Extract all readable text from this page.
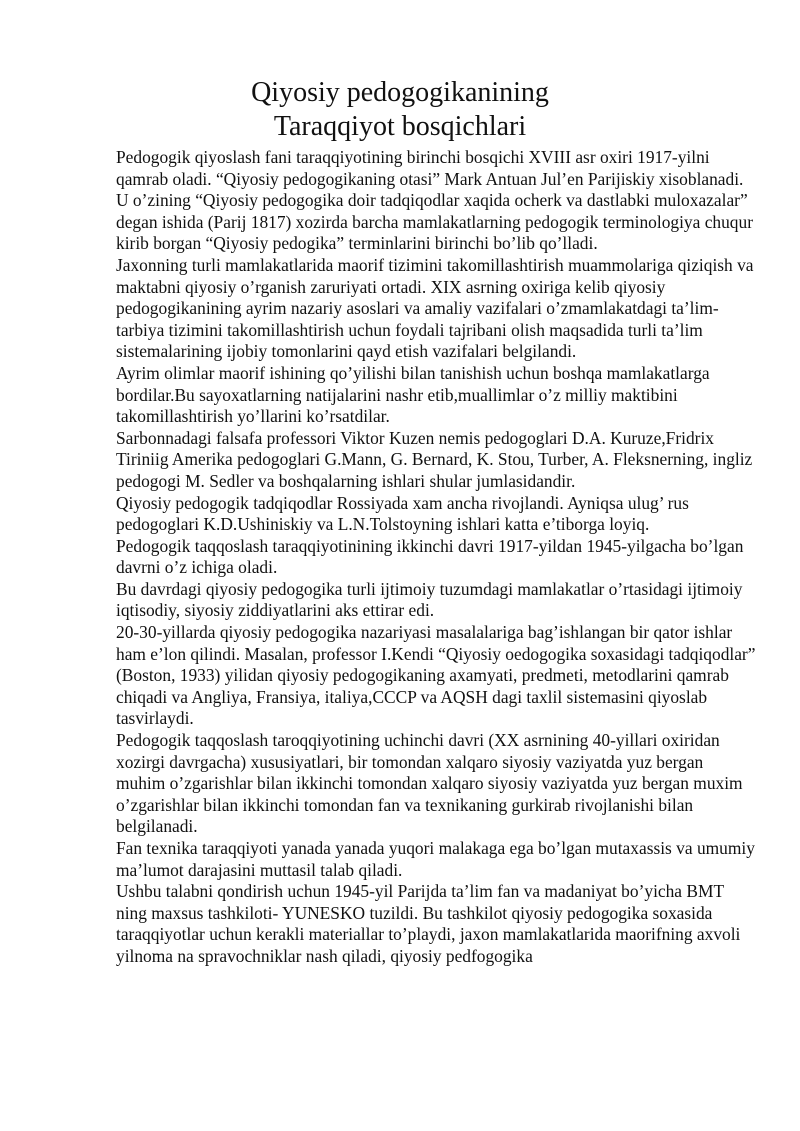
Qiyosiy pedogogikanining
Taraqqiyot bosqichlari

Pedogogik qiyoslash fani taraqqiyotining birinchi bosqichi XVIII asr oxiri 1917-yilni qamrab oladi. “Qiyosiy pedogogikaning otasi” Mark Antuan Jul’en Parijiskiy xisoblanadi.

U o’zining “Qiyosiy pedogogika doir tadqiqodlar xaqida ocherk va dastlabki muloxazalar” degan ishida (Parij 1817) xozirda barcha mamlakatlarning pedogogik terminologiya chuqur kirib borgan “Qiyosiy pedogika” terminlarini birinchi bo’lib qo’lladi.

Jaxonning turli mamlakatlarida maorif tizimini takomillashtirish muammolariga qiziqish va maktabni qiyosiy o’rganish zaruriyati ortadi. XIX asrning oxiriga kelib qiyosiy pedogogikanining ayrim nazariy asoslari va amaliy vazifalari o’zmamlakatdagi ta’lim-tarbiya tizimini takomillashtirish uchun foydali tajribani olish maqsadida turli ta’lim sistemalarining ijobiy tomonlarini qayd etish vazifalari belgilandi.

Ayrim olimlar maorif ishining qo’yilishi bilan tanishish uchun boshqa mamlakatlarga bordilar.Bu sayoxatlarning natijalarini nashr etib,muallimlar o’z milliy maktibini takomillashtirish yo’llarini ko’rsatdilar.

Sarbonnadagi falsafa professori Viktor Kuzen nemis pedogoglari D.A. Kuruze,Fridrix Tiriniig Amerika pedogoglari G.Mann, G. Bernard, K. Stou, Turber, A. Fleksnerning, ingliz pedogogi M. Sedler va boshqalarning ishlari shular jumlasidandir.

Qiyosiy pedogogik tadqiqodlar Rossiyada xam ancha rivojlandi. Ayniqsa ulug’ rus pedogoglari K.D.Ushiniskiy va L.N.Tolstoyning ishlari katta e’tiborga loyiq.

Pedogogik taqqoslash taraqqiyotinining ikkinchi davri 1917-yildan 1945-yilgacha bo’lgan davrni o’z ichiga oladi.

Bu davrdagi qiyosiy pedogogika turli ijtimoiy tuzumdagi mamlakatlar o’rtasidagi ijtimoiy iqtisodiy, siyosiy ziddiyatlarini aks ettirar edi.

20-30-yillarda qiyosiy pedogogika nazariyasi masalalariga bag’ishlangan bir qator ishlar ham e’lon qilindi. Masalan, professor I.Kendi “Qiyosiy oedogogika soxasidagi tadqiqodlar” (Boston, 1933) yilidan qiyosiy pedogogikaning axamyati, predmeti, metodlarini qamrab chiqadi va Angliya, Fransiya, italiya,CCCP va AQSH dagi taxlil sistemasini qiyoslab tasvirlaydi.

Pedogogik taqqoslash taroqqiyotining uchinchi davri (XX asrnining 40-yillari oxiridan xozirgi davrgacha) xususiyatlari, bir tomondan xalqaro siyosiy vaziyatda yuz bergan muhim o’zgarishlar bilan ikkinchi tomondan xalqaro siyosiy vaziyatda yuz bergan muxim o’zgarishlar bilan ikkinchi tomondan fan va texnikaning gurkirab rivojlanishi bilan belgilanadi.

Fan texnika taraqqiyoti yanada yanada yuqori malakaga ega bo’lgan mutaxassis va umumiy ma’lumot darajasini muttasil talab qiladi.

Ushbu talabni qondirish uchun 1945-yil Parijda ta’lim fan va madaniyat bo’yicha BMT ning maxsus tashkiloti- YUNESKO tuzildi. Bu tashkilot qiyosiy pedogogika soxasida taraqqiyotlar uchun kerakli materiallar to’playdi, jaxon mamlakatlarida maorifning axvoli yilnoma na spravochniklar nash qiladi, qiyosiy pedfogogika
